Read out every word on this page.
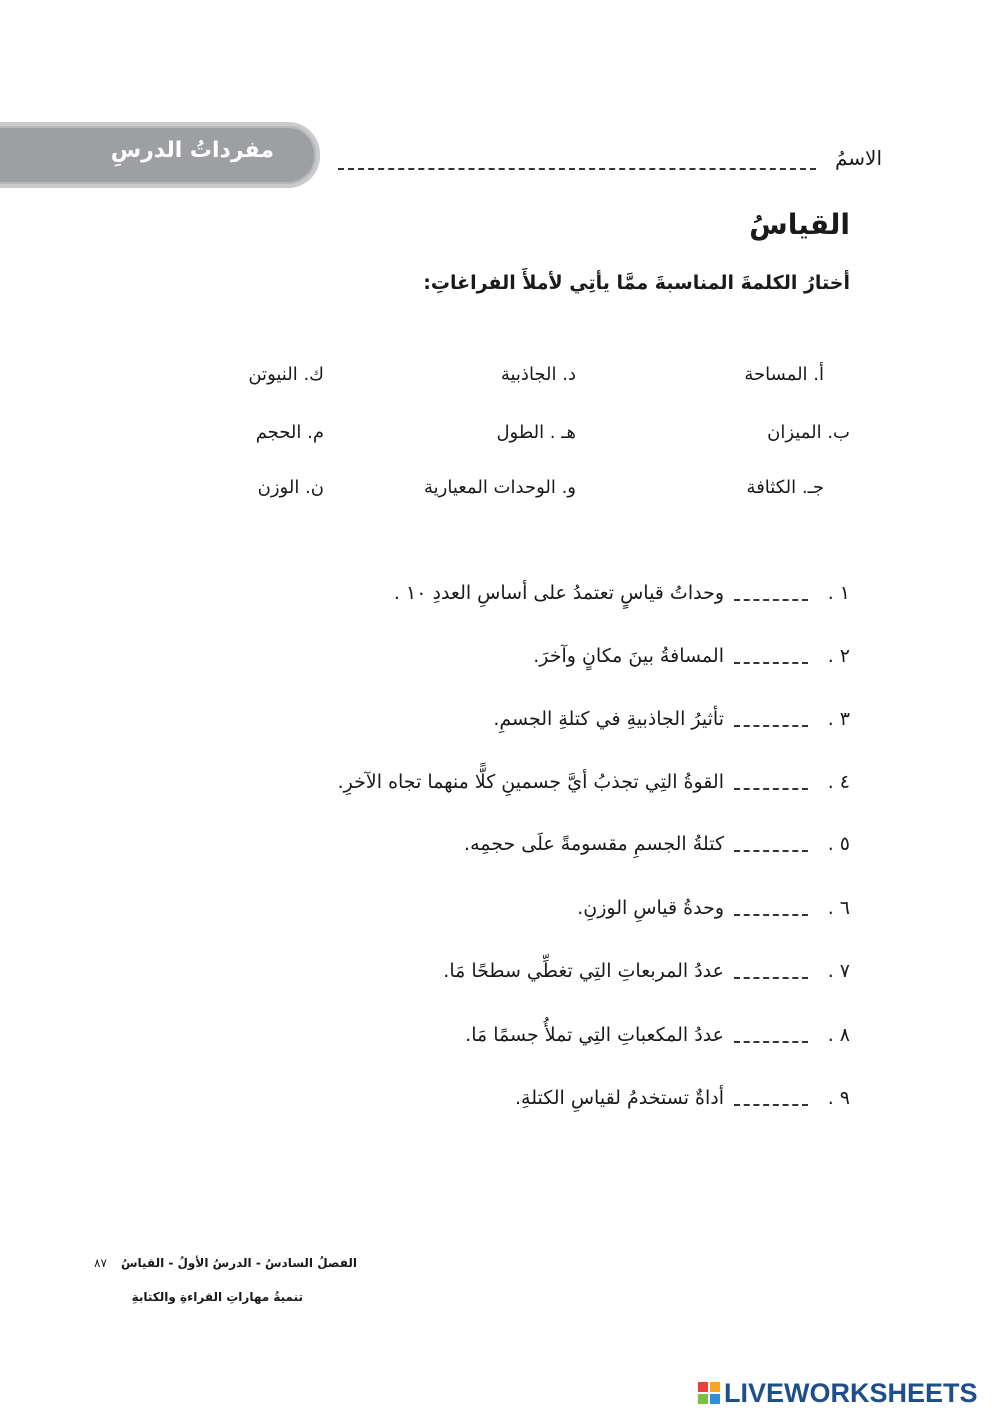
مفرداتُ الدرسِ	الاسمُ
القياسُ
أختارُ الكلمةَ المناسبةَ ممَّا يأتِي لأملأَ الفراغاتِ:
أ. المساحة
ب. الميزان
جـ. الكثافة
د. الجاذبية
هـ . الطول
و. الوحدات المعيارية
ك. النيوتن
م. الحجم
ن. الوزن
١ .
وحداتُ قياسٍ تعتمدُ على أساسِ العددِ ١٠ .
٢ .
المسافةُ بينَ مكانٍ وآخرَ.
٣ .
تأثيرُ الجاذبيةِ في كتلةِ الجسمِ.
٤ .
القوةُ التِي تجذبُ أيَّ جسمينِ كلًّا منهما تجاه الآخرِ.
٥ .
كتلةُ الجسمِ مقسومةً علَى حجمِه.
٦ .
وحدةُ قياسِ الوزنِ.
٧ .
عددُ المربعاتِ التِي تغطِّي سطحًا مَا.
٨ .
عددُ المكعباتِ التِي تملأُ جسمًا مَا.
٩ .
أداةٌ تستخدمُ لقياسِ الكتلةِ.
الفصلُ السادسُ - الدرسُ الأولُ - القياسُ
٨٧
تنميةُ مهاراتِ القراءةِ والكتابةِ
LIVEWORKSHEETS
